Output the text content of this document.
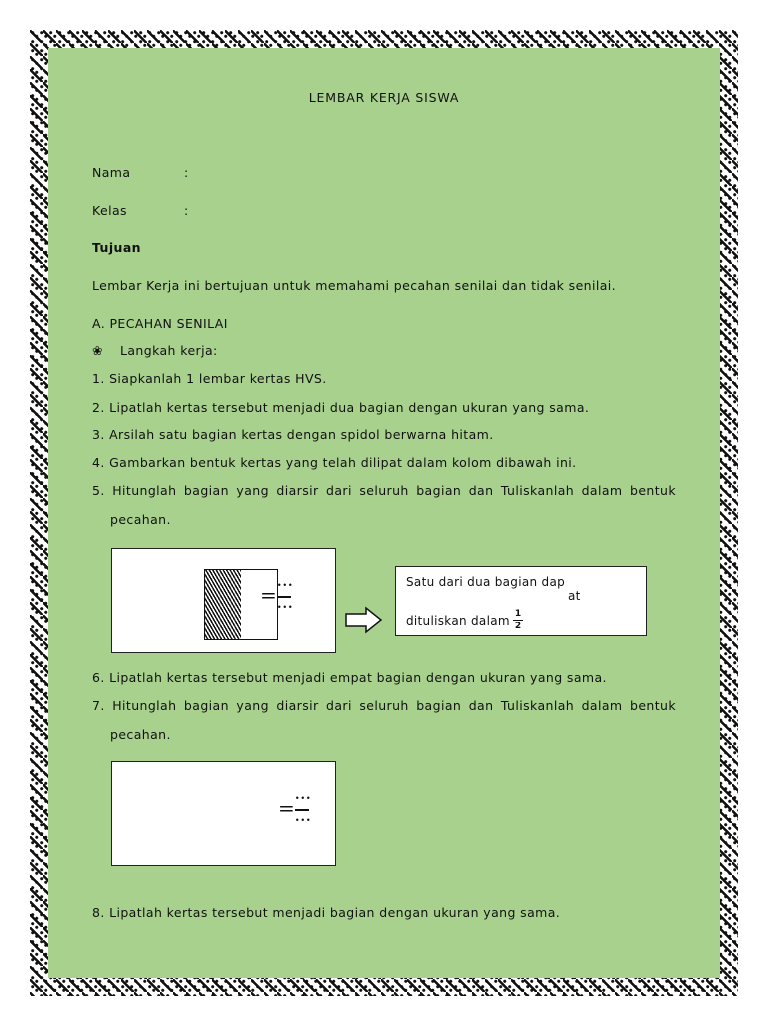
LEMBAR KERJA SISWA
Nama	:
Kelas	:
Tujuan
Lembar Kerja ini bertujuan untuk memahami pecahan senilai dan tidak senilai.
A. PECAHAN SENILAI
❀ Langkah kerja:
1. Siapkanlah 1 lembar kertas HVS.
2. Lipatlah kertas tersebut menjadi dua bagian dengan ukuran yang sama.
3. Arsilah satu bagian kertas dengan spidol berwarna hitam.
4. Gambarkan bentuk kertas yang telah dilipat dalam kolom dibawah ini.
5. Hitunglah bagian yang diarsir dari seluruh bagian dan Tuliskanlah dalam bentuk
pecahan.
=
...
...
Satu dari dua bagian dap
at
dituliskan dalam 1
2
6. Lipatlah kertas tersebut menjadi empat bagian dengan ukuran yang sama.
7. Hitunglah bagian yang diarsir dari seluruh bagian dan Tuliskanlah dalam bentuk
pecahan.
=
...
...
8. Lipatlah kertas tersebut menjadi bagian dengan ukuran yang sama.
